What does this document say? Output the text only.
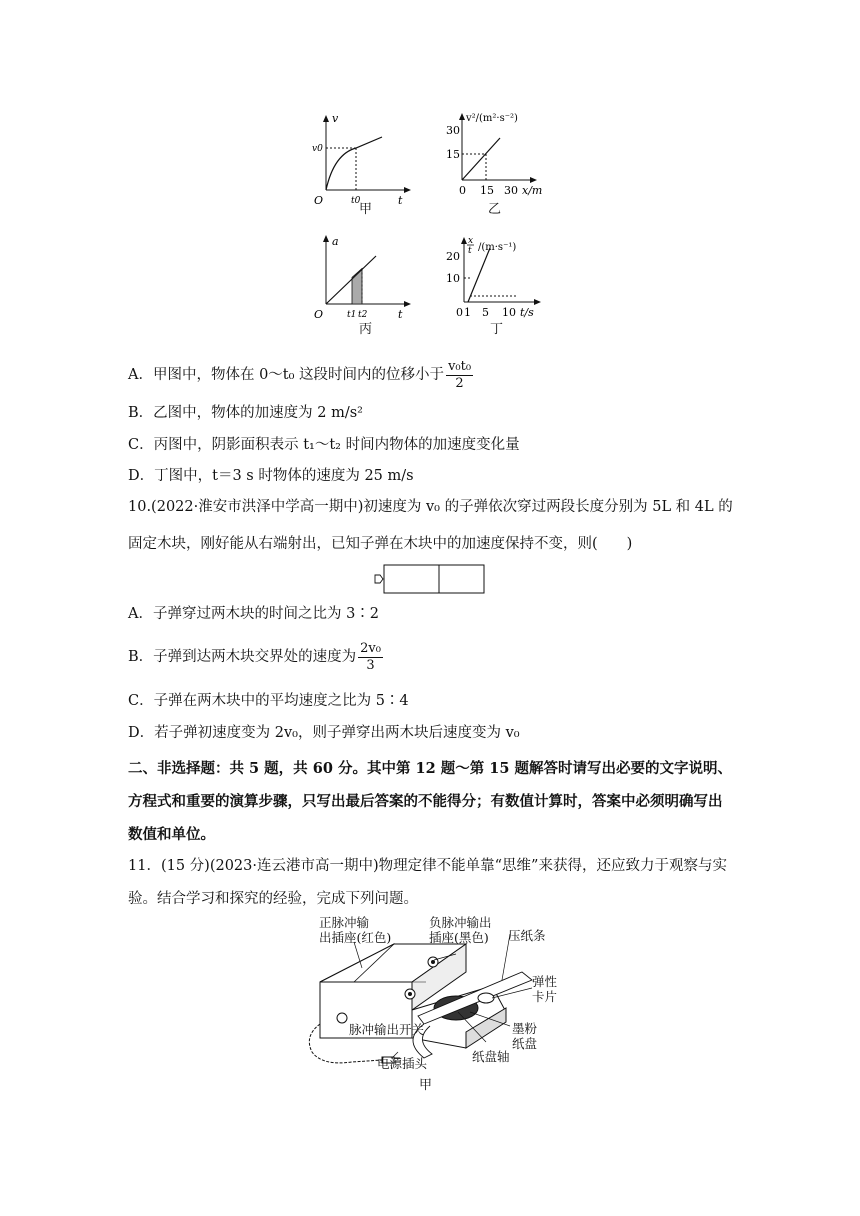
v
t
O
v0
t0
甲
v²/(m²·s⁻²)
30
15
0 15 30 x/m
乙
a
t
O	t1 t2
丙
x
t /(m·s⁻¹)
20
10
0 1 5 10 t/s
丁
A．甲图中，物体在 0～t₀ 这段时间内的位移小于 $\frac{\text{v₀t₀}}{2}$
B．乙图中，物体的加速度为 2 m/s²
C．丙图中，阴影面积表示 t₁～t₂ 时间内物体的加速度变化量
D．丁图中，t＝3 s 时物体的速度为 25 m/s
10.(2022·淮安市洪泽中学高一期中)初速度为 v₀ 的子弹依次穿过两段长度分别为 5L 和 4L 的
固定木块，刚好能从右端射出，已知子弹在木块中的加速度保持不变，则(　　)
A．子弹穿过两木块的时间之比为 3∶2
B．子弹到达两木块交界处的速度为 $\frac{\text{2v₀}}{3}$
C．子弹在两木块中的平均速度之比为 5∶4
D．若子弹初速度变为 2v₀，则子弹穿出两木块后速度变为 v₀
二、非选择题：共 5 题，共 60 分。其中第 12 题～第 15 题解答时请写出必要的文字说明、方程式和重要的演算步骤，只写出最后答案的不能得分；有数值计算时，答案中必须明确写出数值和单位。
11．(15 分)(2023·连云港市高一期中)物理定律不能单靠“思维”来获得，还应致力于观察与实验。结合学习和探究的经验，完成下列问题。
正脉冲输
出插座(红色)
负脉冲输出
插座(黑色) 压纸条
弹性
卡片
墨粉
纸盘
纸盘轴
脉冲输出开关
电源插头
甲
